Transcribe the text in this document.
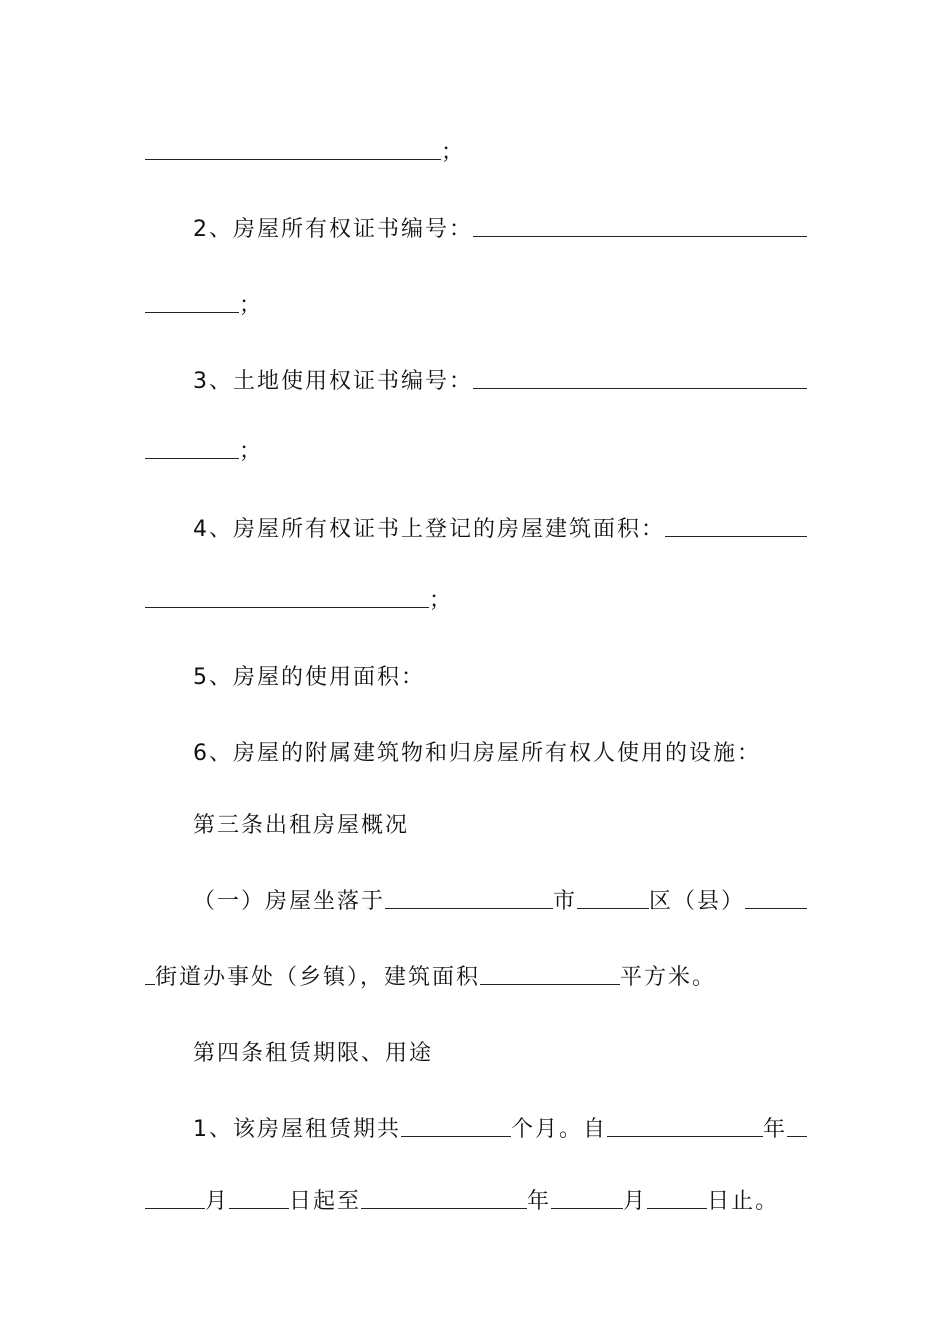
；
2、房屋所有权证书编号：
；
3、土地使用权证书编号：
；
4、房屋所有权证书上登记的房屋建筑面积：
；
5、房屋的使用面积：
6、房屋的附属建筑物和归房屋所有权人使用的设施：
第三条出租房屋概况
（一）房屋坐落于	市	区（县）
街道办事处（乡镇），建筑面积	平方米。
第四条租赁期限、用途
1、该房屋租赁期共	个月。自	年
月	日起至	年	月	日止。
